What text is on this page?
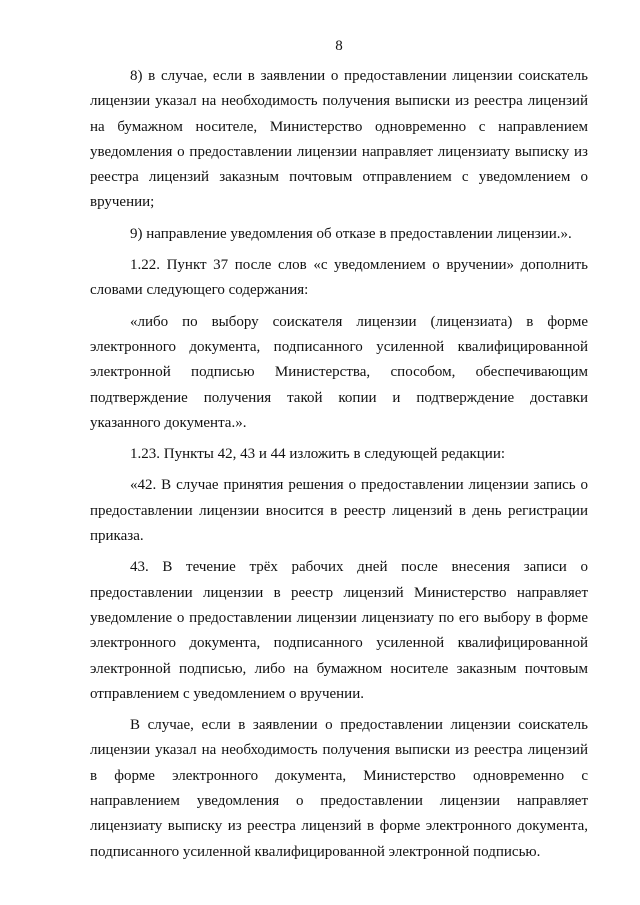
8

8) в случае, если в заявлении о предоставлении лицензии соискатель лицензии указал на необходимость получения выписки из реестра лицензий на бумажном носителе, Министерство одновременно с направлением уведомления о предоставлении лицензии направляет лицензиату выписку из реестра лицензий заказным почтовым отправлением с уведомлением о вручении;

9) направление уведомления об отказе в предоставлении лицензии.».

1.22. Пункт 37 после слов «с уведомлением о вручении» дополнить словами следующего содержания:

«либо по выбору соискателя лицензии (лицензиата) в форме электронного документа, подписанного усиленной квалифицированной электронной подписью Министерства, способом, обеспечивающим подтверждение получения такой копии и подтверждение доставки указанного документа.».

1.23. Пункты 42, 43 и 44 изложить в следующей редакции:

«42. В случае принятия решения о предоставлении лицензии запись о предоставлении лицензии вносится в реестр лицензий в день регистрации приказа.

43. В течение трёх рабочих дней после внесения записи о предоставлении лицензии в реестр лицензий Министерство направляет уведомление о предоставлении лицензии лицензиату по его выбору в форме электронного документа, подписанного усиленной квалифицированной электронной подписью, либо на бумажном носителе заказным почтовым отправлением с уведомлением о вручении.

В случае, если в заявлении о предоставлении лицензии соискатель лицензии указал на необходимость получения выписки из реестра лицензий в форме электронного документа, Министерство одновременно с направлением уведомления о предоставлении лицензии направляет лицензиату выписку из реестра лицензий в форме электронного документа, подписанного усиленной квалифицированной электронной подписью.
